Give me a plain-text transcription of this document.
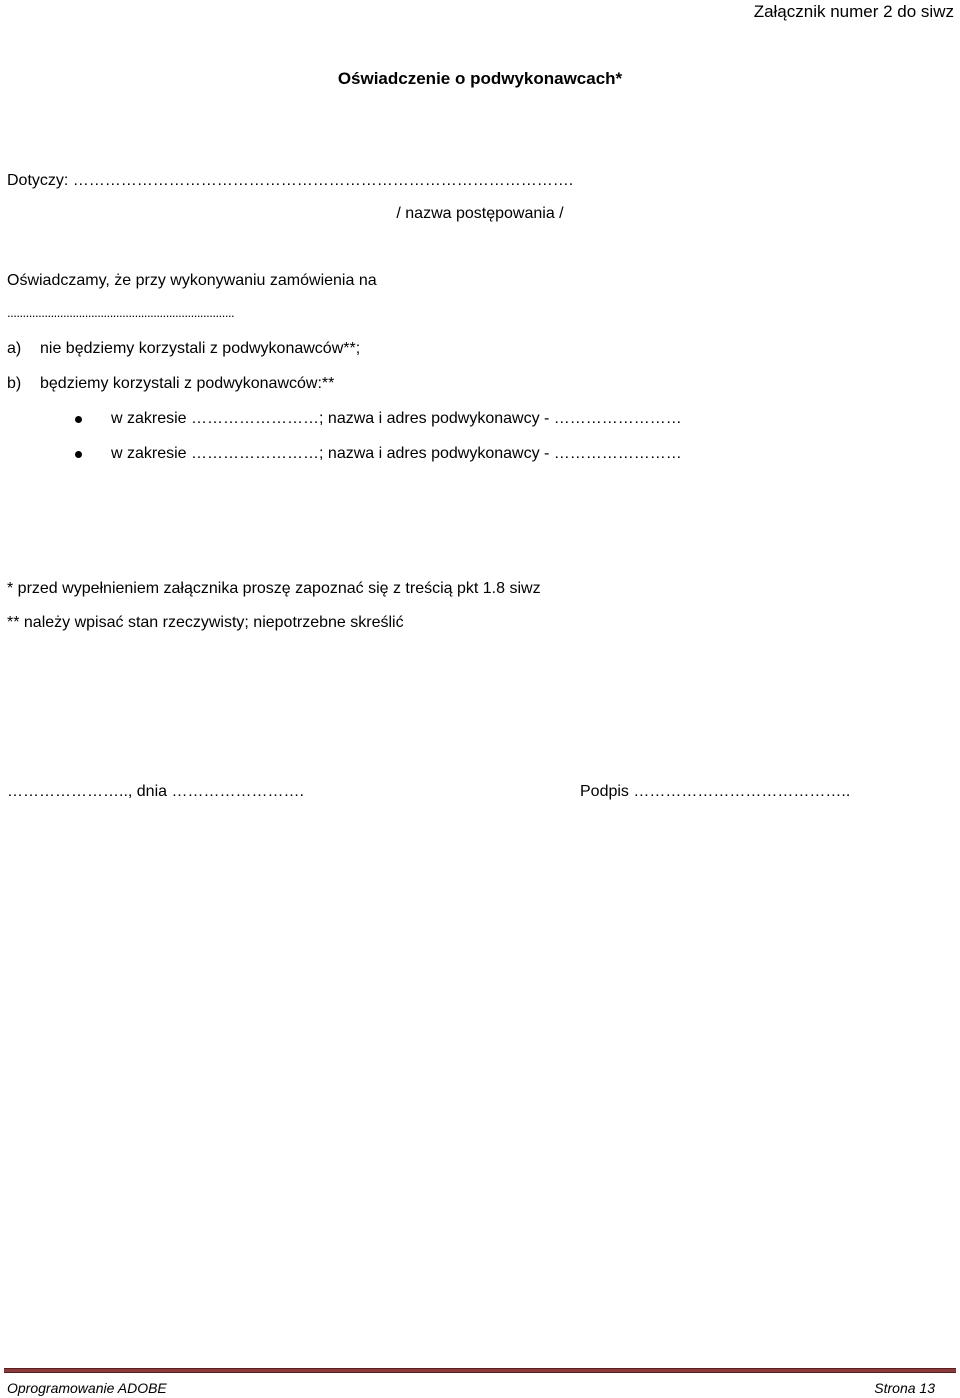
Załącznik numer 2 do siwz
Oświadczenie o podwykonawcach*
Dotyczy: ………………………………………………………………………………….
/ nazwa postępowania /
Oświadczamy, że przy wykonywaniu zamówienia na
.........................................................................
a) nie będziemy korzystali z podwykonawców**;
b) będziemy korzystali z podwykonawców:**
w zakresie ……………………; nazwa i adres podwykonawcy - ……………………
w zakresie ……………………; nazwa i adres podwykonawcy - ……………………
* przed wypełnieniem załącznika proszę zapoznać się z treścią pkt 1.8 siwz
** należy wpisać stan rzeczywisty; niepotrzebne skreślić
………………….., dnia …………………….	Podpis …………………………………..
Oprogramowanie ADOBE	Strona 13
